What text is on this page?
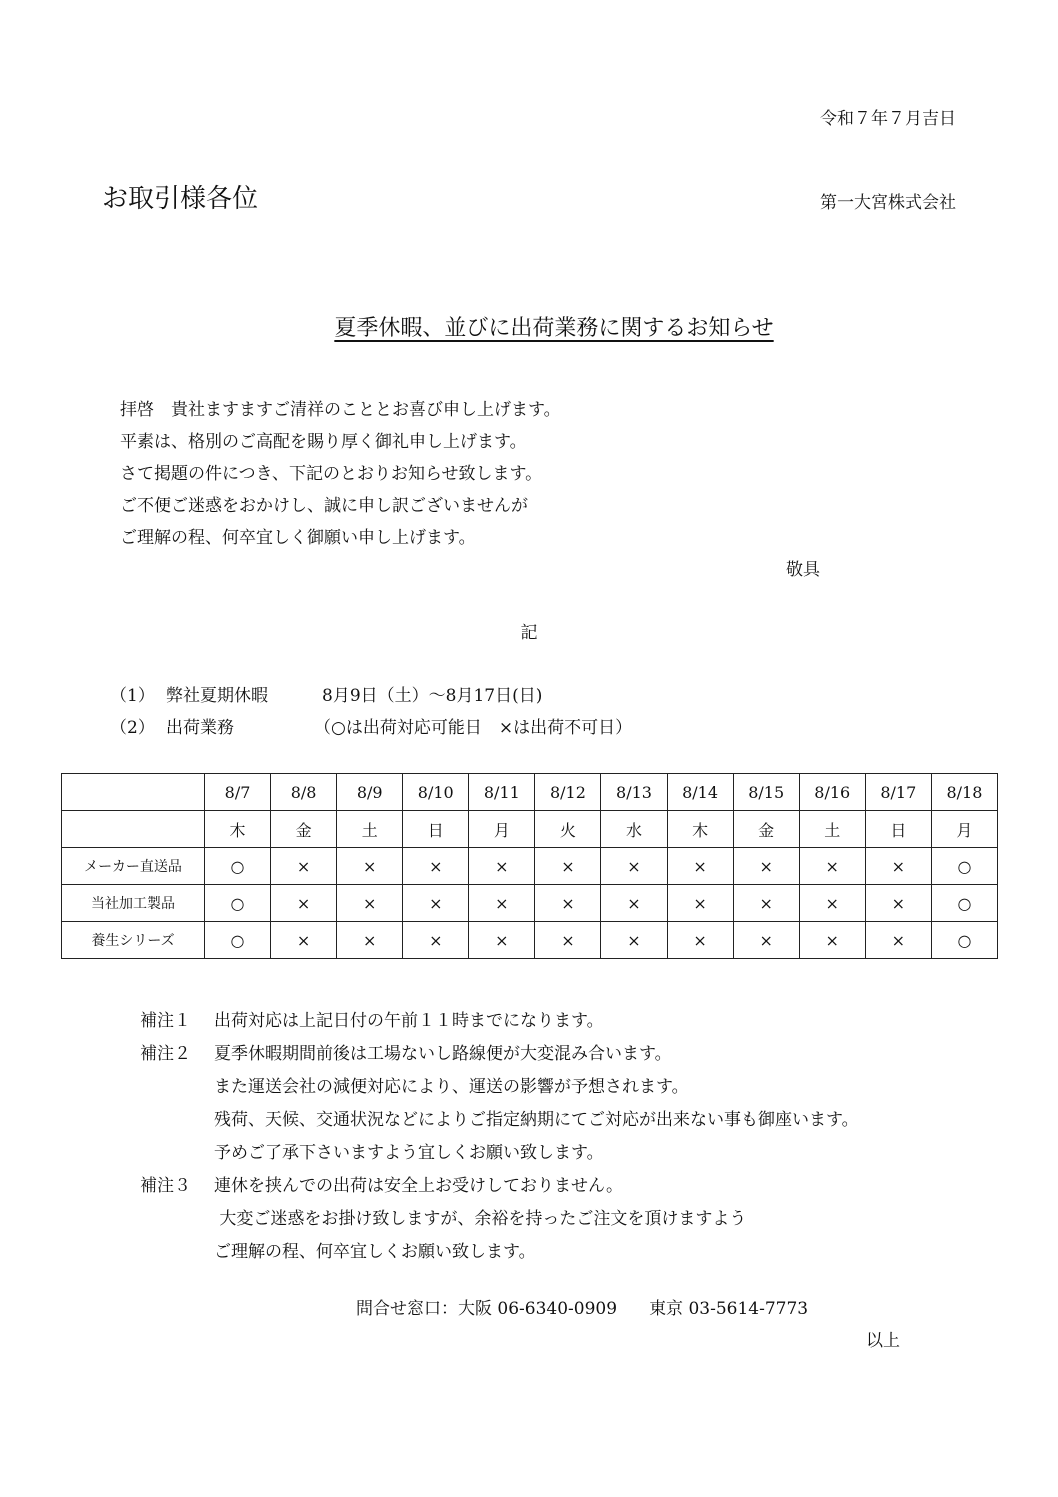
令和７年７月吉日
お取引様各位	第一大宮株式会社
夏季休暇、並びに出荷業務に関するお知らせ
拝啓　貴社ますますご清祥のこととお喜び申し上げます。
平素は、格別のご高配を賜り厚く御礼申し上げます。
さて掲題の件につき、下記のとおりお知らせ致します。
ご不便ご迷惑をおかけし、誠に申し訳ございませんが
ご理解の程、何卒宜しく御願い申し上げます。
敬具
記
（1） 弊社夏期休暇	8月9日（土）～8月17日(日)
（2） 出荷業務	（○は出荷対応可能日　×は出荷不可日）
	8/7	8/8	8/9	8/10	8/11	8/12	8/13	8/14	8/15	8/16	8/17	8/18
	木	金	土	日	月	火	水	木	金	土	日	月
メーカー直送品	○	×	×	×	×	×	×	×	×	×	×	○
当社加工製品	○	×	×	×	×	×	×	×	×	×	×	○
養生シリーズ	○	×	×	×	×	×	×	×	×	×	×	○
補注１ 出荷対応は上記日付の午前１１時までになります。
補注２ 夏季休暇期間前後は工場ないし路線便が大変混み合います。
また運送会社の減便対応により、運送の影響が予想されます。
残荷、天候、交通状況などによりご指定納期にてご対応が出来ない事も御座います。
予めご了承下さいますよう宜しくお願い致します。
補注３ 連休を挟んでの出荷は安全上お受けしておりません。
大変ご迷惑をお掛け致しますが、余裕を持ったご注文を頂けますよう
ご理解の程、何卒宜しくお願い致します。
問合せ窓口：大阪 06-6340-0909 東京 03-5614-7773
以上
